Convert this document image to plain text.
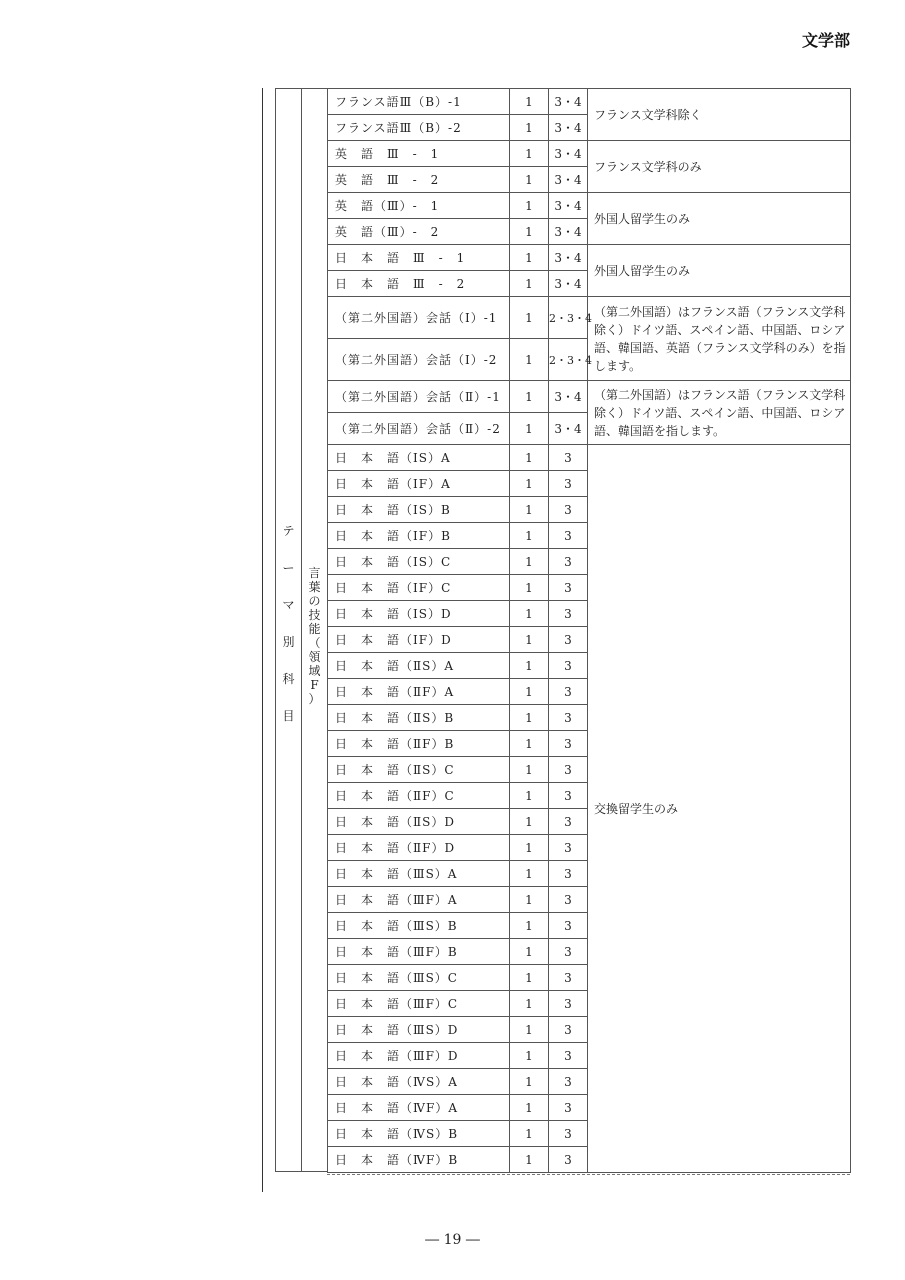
文学部
テ
ー
マ
別
科
目
言
葉
の
技
能
（
領
域
F
）
フランス語Ⅲ（B）-1	1	3・4	フランス文学科除く
フランス語Ⅲ（B）-2	1	3・4	
英　語　Ⅲ　-　1	1	3・4	フランス文学科のみ
英　語　Ⅲ　-　2	1	3・4	
英　語（Ⅲ）-　1	1	3・4	外国人留学生のみ
英　語（Ⅲ）-　2	1	3・4	
日　本　語　Ⅲ　-　1	1	3・4	外国人留学生のみ
日　本　語　Ⅲ　-　2	1	3・4	
（第二外国語）会話（Ⅰ）-1	1	2・3・4	（第二外国語）はフランス語（フランス文学科除く）ドイツ語、スペイン語、中国語、ロシア語、韓国語、英語（フランス文学科のみ）を指します。
（第二外国語）会話（Ⅰ）-2	1	2・3・4	
（第二外国語）会話（Ⅱ）-1	1	3・4	（第二外国語）はフランス語（フランス文学科除く）ドイツ語、スペイン語、中国語、ロシア語、韓国語を指します。
（第二外国語）会話（Ⅱ）-2	1	3・4	
日　本　語（ⅠS）A	1	3	交換留学生のみ
日　本　語（ⅠF）A	1	3	
日　本　語（ⅠS）B	1	3	
日　本　語（ⅠF）B	1	3	
日　本　語（ⅠS）C	1	3	
日　本　語（ⅠF）C	1	3	
日　本　語（ⅠS）D	1	3	
日　本　語（ⅠF）D	1	3	
日　本　語（ⅡS）A	1	3	
日　本　語（ⅡF）A	1	3	
日　本　語（ⅡS）B	1	3	
日　本　語（ⅡF）B	1	3	
日　本　語（ⅡS）C	1	3	
日　本　語（ⅡF）C	1	3	
日　本　語（ⅡS）D	1	3	
日　本　語（ⅡF）D	1	3	
日　本　語（ⅢS）A	1	3	
日　本　語（ⅢF）A	1	3	
日　本　語（ⅢS）B	1	3	
日　本　語（ⅢF）B	1	3	
日　本　語（ⅢS）C	1	3	
日　本　語（ⅢF）C	1	3	
日　本　語（ⅢS）D	1	3	
日　本　語（ⅢF）D	1	3	
日　本　語（ⅣS）A	1	3	
日　本　語（ⅣF）A	1	3	
日　本　語（ⅣS）B	1	3	
日　本　語（ⅣF）B	1	3	
― 19 ―
